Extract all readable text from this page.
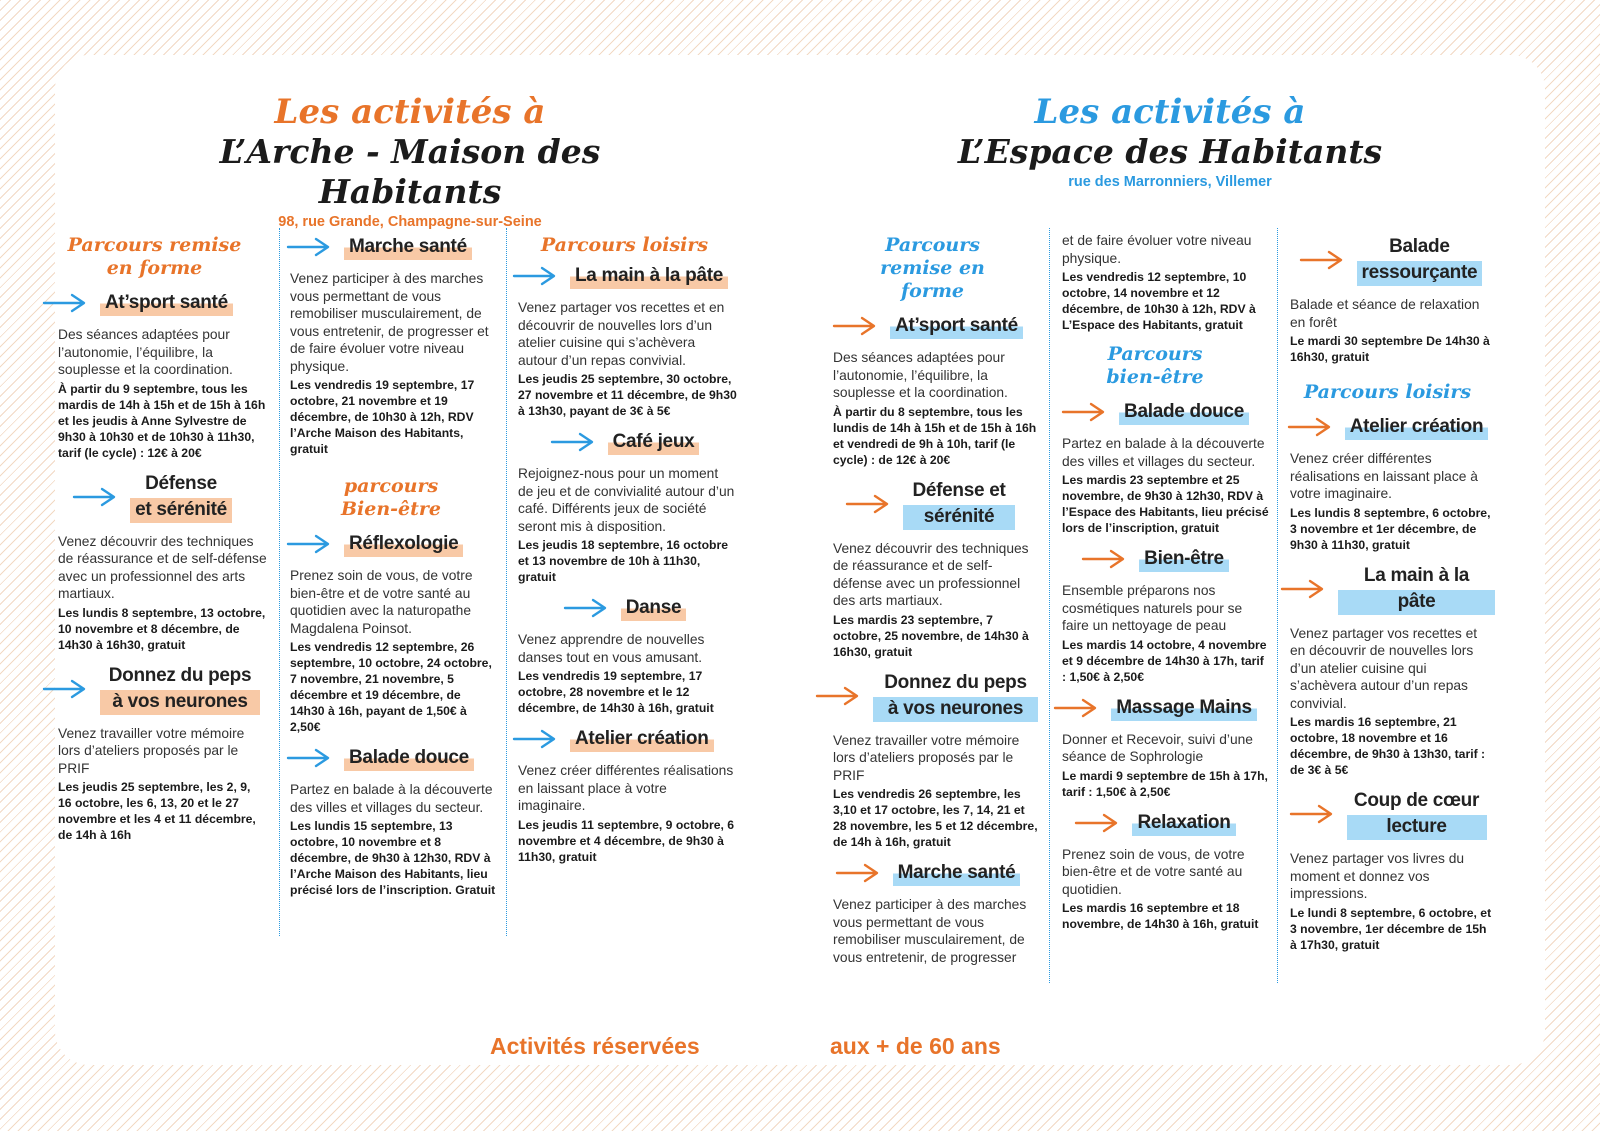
Les activités à
L’Arche - Maison des Habitants
98, rue Grande, Champagne-sur-Seine
Les activités à
L’Espace des Habitants
rue des Marronniers, Villemer
Parcours remise en forme
At’sport santé
Des séances adaptées pour l’autonomie, l’équilibre, la souplesse et la coordination.
À partir du 9 septembre, tous les mardis de 14h à 15h et de 15h à 16h et les jeudis à Anne Sylvestre de 9h30 à 10h30 et de 10h30 à 11h30, tarif (le cycle) : 12€ à 20€
Défense et sérénité
Venez découvrir des techniques de réassurance et de self-défense avec un professionnel des arts martiaux.
Les lundis 8 septembre, 13 octobre, 10 novembre et 8 décembre, de 14h30 à 16h30, gratuit
Donnez du peps à vos neurones
Venez travailler votre mémoire lors d’ateliers proposés par le PRIF
Les jeudis 25 septembre, les 2, 9, 16 octobre, les 6, 13, 20 et le 27 novembre et les 4 et 11 décembre, de 14h à 16h
Marche santé
Venez participer à des marches vous permettant de vous remobiliser musculairement, de vous entretenir, de progresser et de faire évoluer votre niveau physique.
Les vendredis 19 septembre, 17 octobre, 21 novembre et 19 décembre, de 10h30 à 12h, RDV l’Arche Maison des Habitants, gratuit
parcours Bien-être
Réflexologie
Prenez soin de vous, de votre bien-être et de votre santé au quotidien avec la naturopathe Magdalena Poinsot.
Les vendredis 12 septembre, 26 septembre, 10 octobre, 24 octobre, 7 novembre, 21 novembre, 5 décembre et 19 décembre, de 14h30 à 16h, payant de 1,50€ à 2,50€
Balade douce
Partez en balade à la découverte des villes et villages du secteur.
Les lundis 15 septembre, 13 octobre, 10 novembre et 8 décembre, de 9h30 à 12h30, RDV à l’Arche Maison des Habitants, lieu précisé lors de l’inscription. Gratuit
Parcours loisirs
La main à la pâte
Venez partager vos recettes et en découvrir de nouvelles lors d’un atelier cuisine qui s’achèvera autour d’un repas convivial.
Les jeudis 25 septembre, 30 octobre, 27 novembre et 11 décembre, de 9h30 à 13h30, payant de 3€ à 5€
Café jeux
Rejoignez-nous pour un moment de jeu et de convivialité autour d’un café. Différents jeux de société seront mis à disposition.
Les jeudis 18 septembre, 16 octobre et 13 novembre de 10h à 11h30, gratuit
Danse
Venez apprendre de nouvelles danses tout en vous amusant.
Les vendredis 19 septembre, 17 octobre, 28 novembre et le 12 décembre, de 14h30 à 16h, gratuit
Atelier création
Venez créer différentes réalisations en laissant place à votre imaginaire.
Les jeudis 11 septembre, 9 octobre, 6 novembre et 4 décembre, de 9h30 à 11h30, gratuit
Parcours remise en forme
At’sport santé
Des séances adaptées pour l’autonomie, l’équilibre, la souplesse et la coordination.
À partir du 8 septembre, tous les lundis de 14h à 15h et de 15h à 16h et vendredi de 9h à 10h, tarif (le cycle) : de 12€ à 20€
Défense et sérénité
Venez découvrir des techniques de réassurance et de self-défense avec un professionnel des arts martiaux.
Les mardis 23 septembre, 7 octobre, 25 novembre, de 14h30 à 16h30, gratuit
Donnez du peps à vos neurones
Venez travailler votre mémoire lors d’ateliers proposés par le PRIF
Les vendredis 26 septembre, les 3,10 et 17 octobre, les 7, 14, 21 et 28 novembre, les 5 et 12 décembre, de 14h à 16h, gratuit
Marche santé
Venez participer à des marches vous permettant de vous remobiliser musculairement, de vous entretenir, de progresser
et de faire évoluer votre niveau physique.
Les vendredis 12 septembre, 10 octobre, 14 novembre et 12 décembre, de 10h30 à 12h, RDV à L’Espace des Habitants, gratuit
Parcours bien-être
Balade douce
Partez en balade à la découverte des villes et villages du secteur.
Les mardis 23 septembre et 25 novembre, de 9h30 à 12h30, RDV à l’Espace des Habitants, lieu précisé lors de l’inscription, gratuit
Bien-être
Ensemble préparons nos cosmétiques naturels pour se faire un nettoyage de peau
Les mardis 14 octobre, 4 novembre et 9 décembre de 14h30 à 17h, tarif : 1,50€ à 2,50€
Massage Mains
Donner et Recevoir, suivi d’une séance de Sophrologie
Le mardi 9 septembre de 15h à 17h, tarif : 1,50€ à 2,50€
Relaxation
Prenez soin de vous, de votre bien-être et de votre santé au quotidien.
Les mardis 16 septembre et 18 novembre, de 14h30 à 16h, gratuit
Balade ressourçante
Balade et séance de relaxation en forêt
Le mardi 30 septembre De 14h30 à 16h30, gratuit
Parcours loisirs
Atelier création
Venez créer différentes réalisations en laissant place à votre imaginaire.
Les lundis 8 septembre, 6 octobre, 3 novembre et 1er décembre, de 9h30 à 11h30, gratuit
La main à la pâte
Venez partager vos recettes et en découvrir de nouvelles lors d’un atelier cuisine qui s’achèvera autour d’un repas convivial.
Les mardis 16 septembre, 21 octobre, 18 novembre et 16 décembre, de 9h30 à 13h30, tarif : de 3€ à 5€
Coup de cœur lecture
Venez partager vos livres du moment et donnez vos impressions.
Le lundi 8 septembre, 6 octobre, et 3 novembre, 1er décembre de 15h à 17h30, gratuit
Activités réservées	aux + de 60 ans
